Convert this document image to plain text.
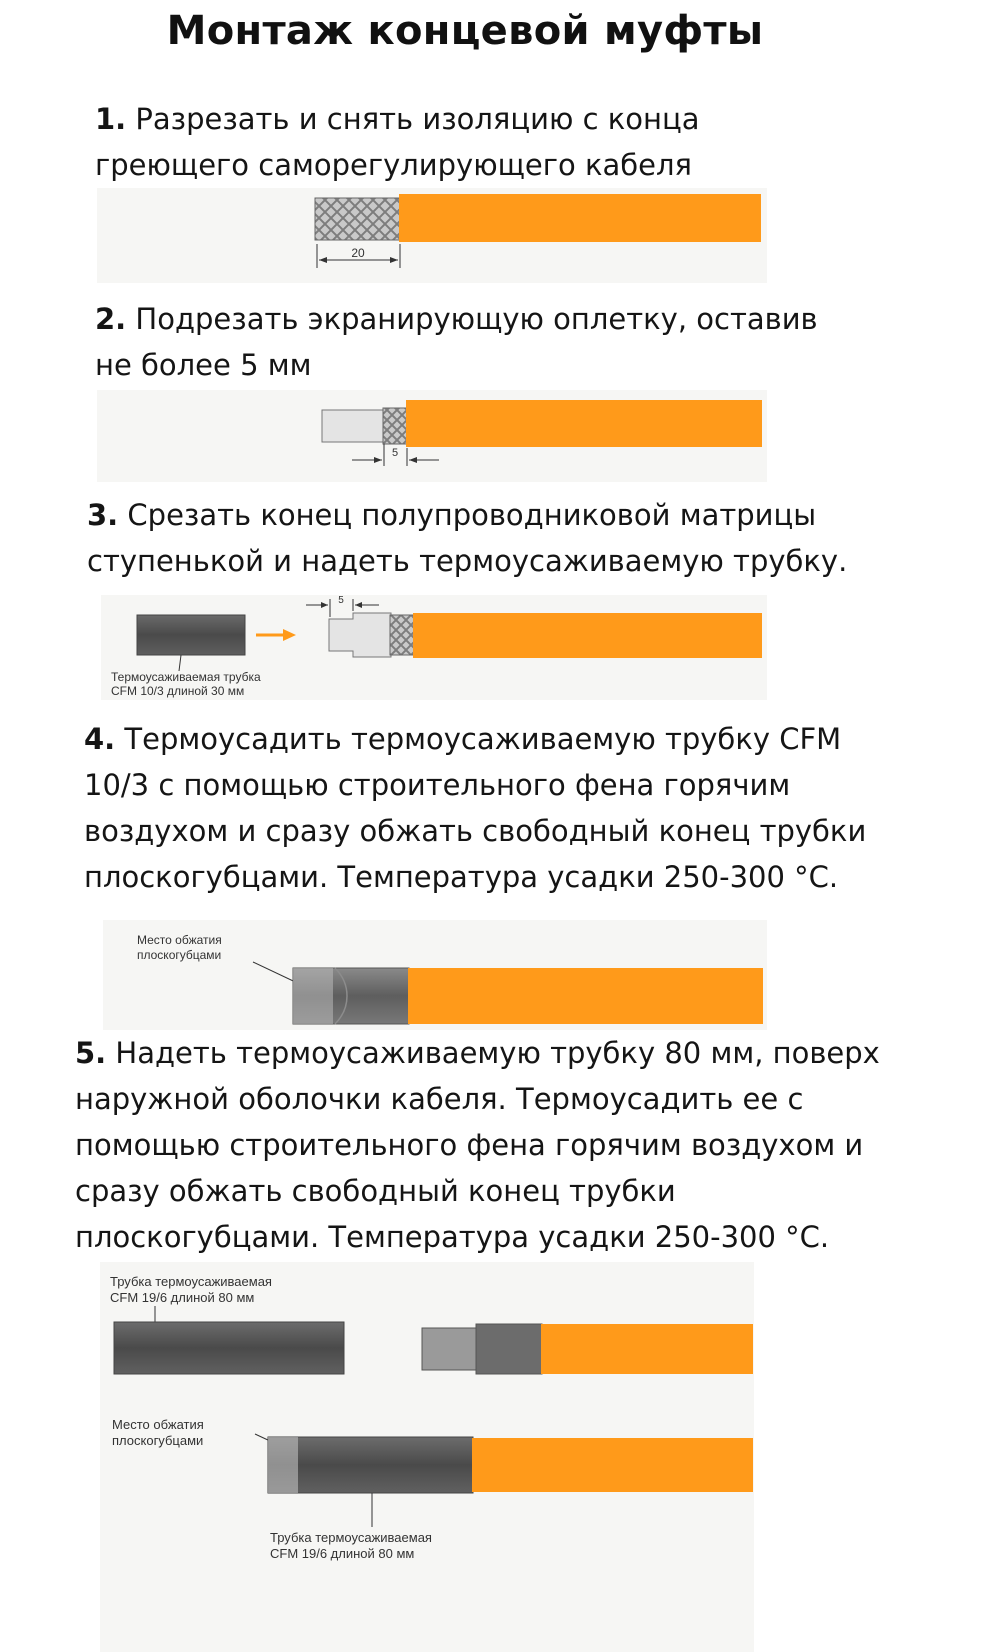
Монтаж концевой муфты
1. Разрезать и снять изоляцию с конца
греющего саморегулирующего кабеля
20
2. Подрезать экранирующую оплетку, оставив
не более 5 мм
5
3. Срезать конец полупроводниковой матрицы
ступенькой и надеть термоусаживаемую трубку.
Термоусаживаемая трубка
CFM 10/3 длиной 30 мм
5
4. Термоусадить термоусаживаемую трубку CFM
10/3 с помощью строительного фена горячим
воздухом и сразу обжать свободный конец трубки
плоскогубцами. Температура усадки 250-300 °С.
Место обжатия
плоскогубцами
5. Надеть термоусаживаемую трубку 80 мм, поверх
наружной оболочки кабеля. Термоусадить ее с
помощью строительного фена горячим воздухом и
сразу обжать свободный конец трубки
плоскогубцами. Температура усадки 250-300 °С.
Трубка термоусаживаемая
CFM 19/6 длиной 80 мм
Место обжатия
плоскогубцами
Трубка термоусаживаемая
CFM 19/6 длиной 80 мм
